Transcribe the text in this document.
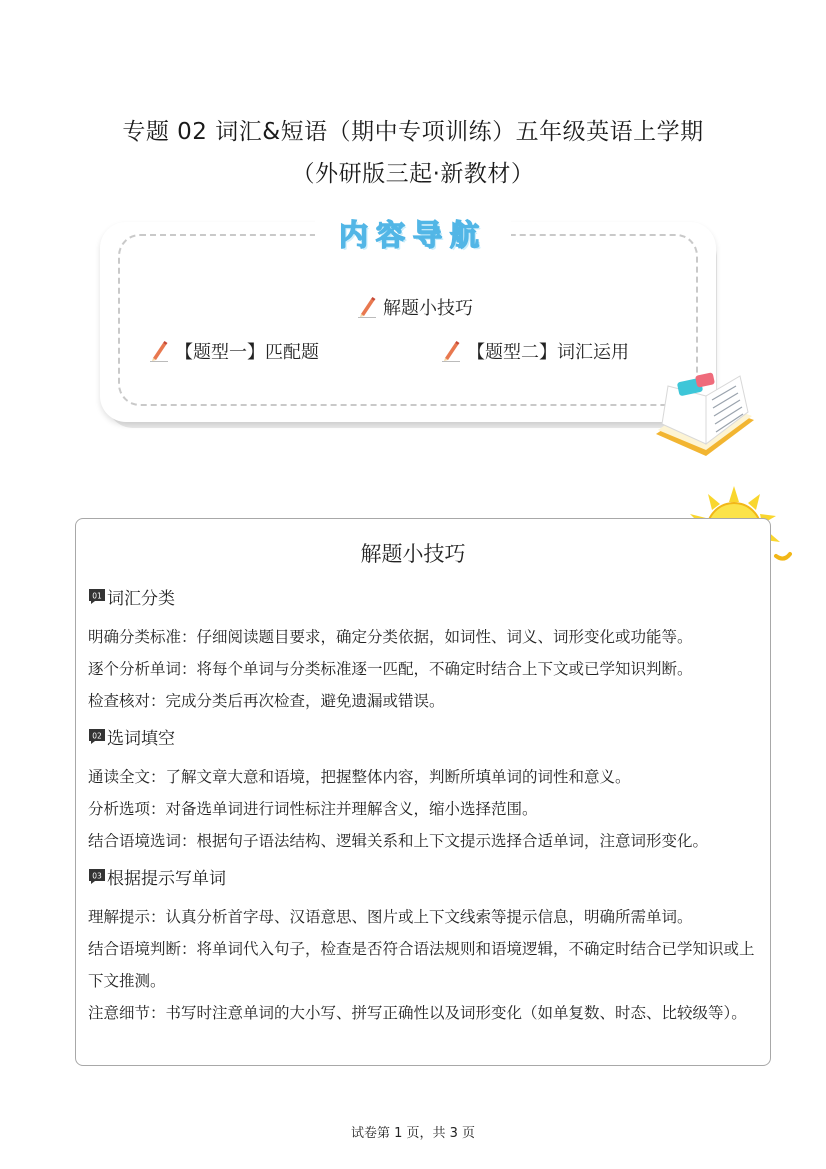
专题 02 词汇&短语（期中专项训练）五年级英语上学期
（外研版三起·新教材）
内容导航
解题小技巧
【题型一】匹配题	【题型二】词汇运用
解题小技巧
01 词汇分类
明确分类标准：仔细阅读题目要求，确定分类依据，如词性、词义、词形变化或功能等。
逐个分析单词：将每个单词与分类标准逐一匹配，不确定时结合上下文或已学知识判断。
检查核对：完成分类后再次检查，避免遗漏或错误。
02 选词填空
通读全文：了解文章大意和语境，把握整体内容，判断所填单词的词性和意义。
分析选项：对备选单词进行词性标注并理解含义，缩小选择范围。
结合语境选词：根据句子语法结构、逻辑关系和上下文提示选择合适单词，注意词形变化。
03 根据提示写单词
理解提示：认真分析首字母、汉语意思、图片或上下文线索等提示信息，明确所需单词。
结合语境判断：将单词代入句子，检查是否符合语法规则和语境逻辑，不确定时结合已学知识或上下文推测。
注意细节：书写时注意单词的大小写、拼写正确性以及词形变化（如单复数、时态、比较级等）。
试卷第 1 页，共 3 页
